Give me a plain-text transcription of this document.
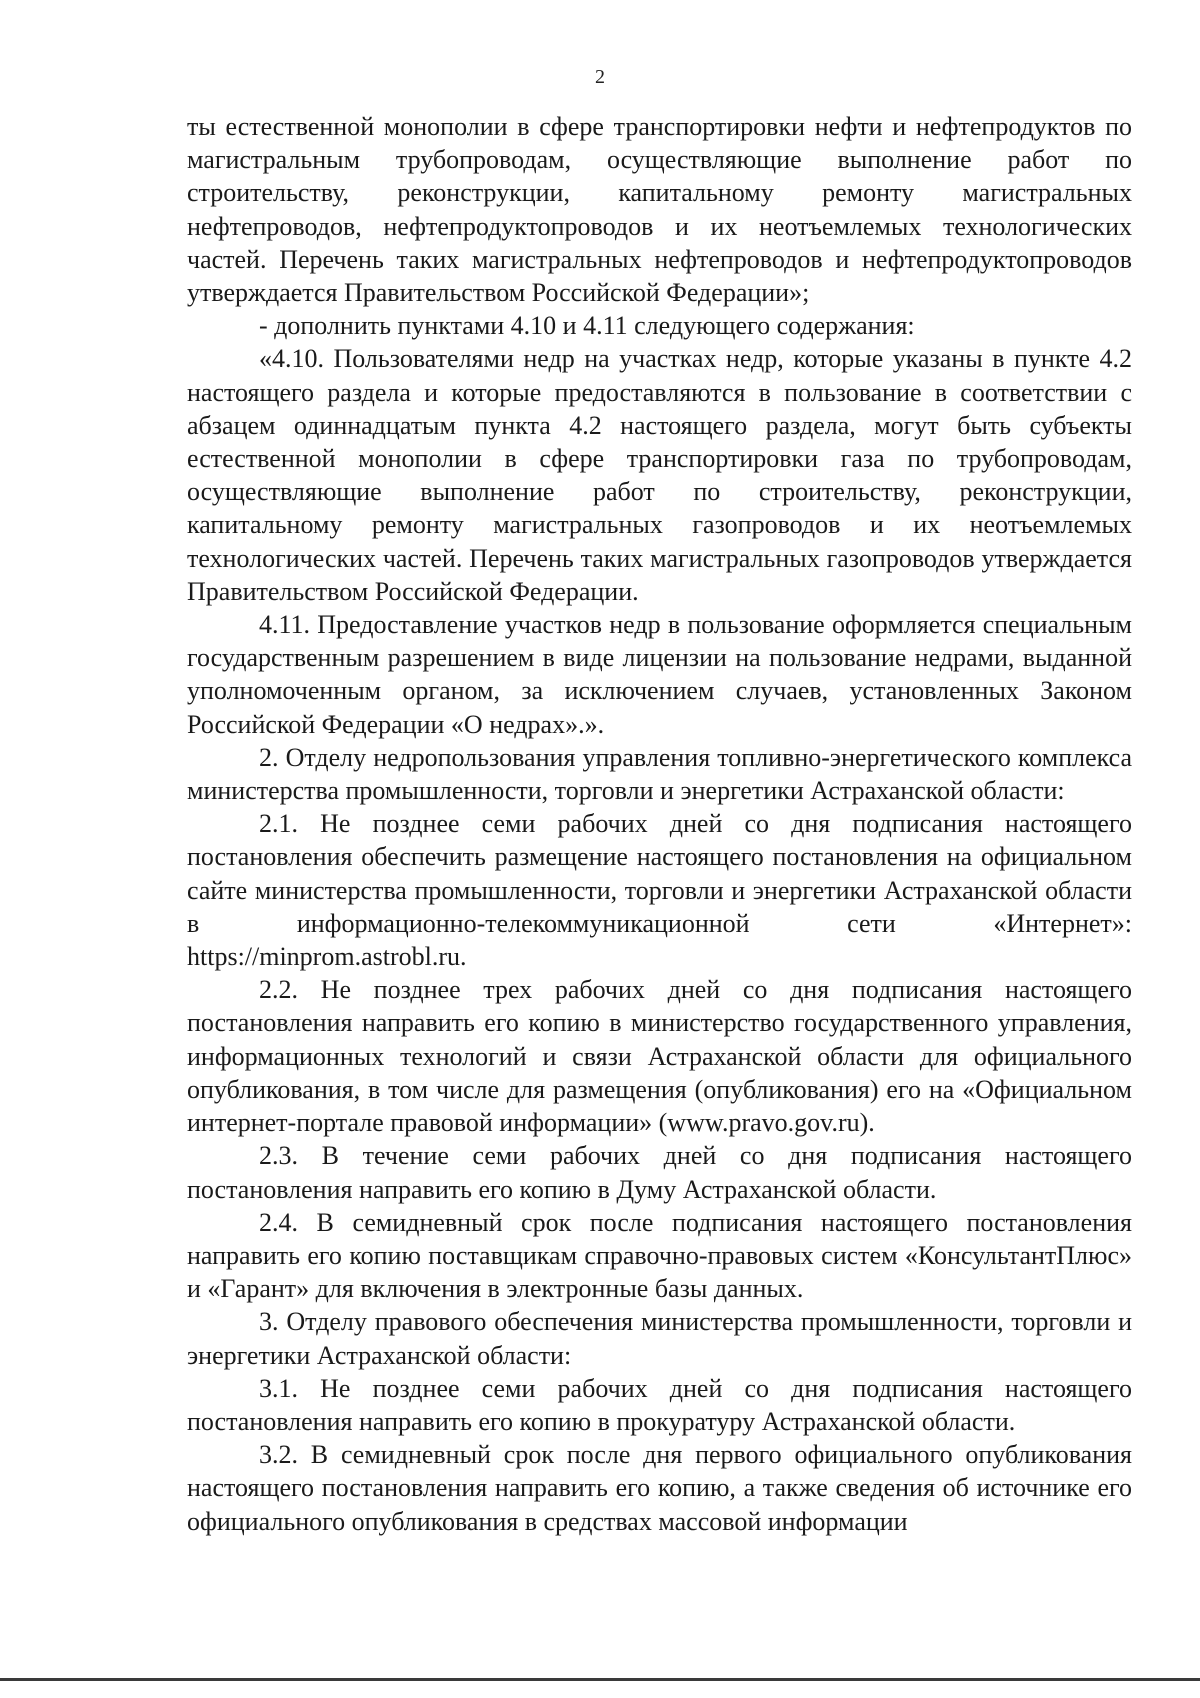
2

ты естественной монополии в сфере транспортировки нефти и нефтепродуктов по магистральным трубопроводам, осуществляющие выполнение работ по строительству, реконструкции, капитальному ремонту магистральных нефтепроводов, нефтепродуктопроводов и их неотъемлемых технологических частей. Перечень таких магистральных нефтепроводов и нефтепродуктопроводов утверждается Правительством Российской Федерации»;

- дополнить пунктами 4.10 и 4.11 следующего содержания:

«4.10. Пользователями недр на участках недр, которые указаны в пункте 4.2 настоящего раздела и которые предоставляются в пользование в соответствии с абзацем одиннадцатым пункта 4.2 настоящего раздела, могут быть субъекты естественной монополии в сфере транспортировки газа по трубопроводам, осуществляющие выполнение работ по строительству, реконструкции, капитальному ремонту магистральных газопроводов и их неотъемлемых технологических частей. Перечень таких магистральных газопроводов утверждается Правительством Российской Федерации.

4.11. Предоставление участков недр в пользование оформляется специальным государственным разрешением в виде лицензии на пользование недрами, выданной уполномоченным органом, за исключением случаев, установленных Законом Российской Федерации «О недрах».».

2. Отделу недропользования управления топливно-энергетического комплекса министерства промышленности, торговли и энергетики Астраханской области:

2.1. Не позднее семи рабочих дней со дня подписания настоящего постановления обеспечить размещение настоящего постановления на официальном сайте министерства промышленности, торговли и энергетики Астраханской области в информационно-телекоммуникационной сети «Интернет»: https://minprom.astrobl.ru.

2.2. Не позднее трех рабочих дней со дня подписания настоящего постановления направить его копию в министерство государственного управления, информационных технологий и связи Астраханской области для официального опубликования, в том числе для размещения (опубликования) его на «Официальном интернет-портале правовой информации» (www.pravo.gov.ru).

2.3. В течение семи рабочих дней со дня подписания настоящего постановления направить его копию в Думу Астраханской области.

2.4. В семидневный срок после подписания настоящего постановления направить его копию поставщикам справочно-правовых систем «КонсультантПлюс» и «Гарант» для включения в электронные базы данных.

3. Отделу правового обеспечения министерства промышленности, торговли и энергетики Астраханской области:

3.1. Не позднее семи рабочих дней со дня подписания настоящего постановления направить его копию в прокуратуру Астраханской области.

3.2. В семидневный срок после дня первого официального опубликования настоящего постановления направить его копию, а также сведения об источнике его официального опубликования в средствах массовой информации
